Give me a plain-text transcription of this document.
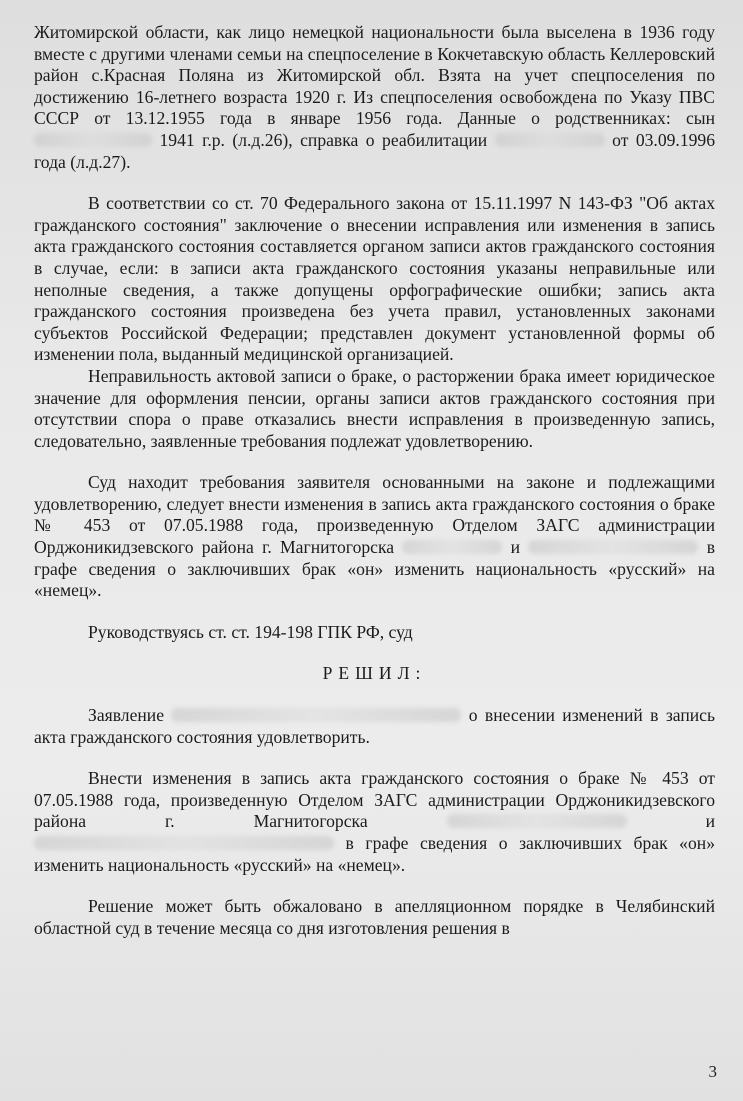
Житомирской области, как лицо немецкой национальности была выселена в 1936 году вместе с другими членами семьи на спецпоселение в Кокчетавскую область Келлеровский район с.Красная Поляна из Житомирской обл. Взята на учет спецпоселения по достижению 16-летнего возраста 1920 г. Из спецпоселения освобождена по Указу ПВС СССР от 13.12.1955 года в январе 1956 года. Данные о родственниках: сын  1941 г.р. (л.д.26), справка о реабилитации	от 03.09.1996 года (л.д.27).

В соответствии со ст. 70 Федерального закона от 15.11.1997 N 143-ФЗ "Об актах гражданского состояния" заключение о внесении исправления или изменения в запись акта гражданского состояния составляется органом записи актов гражданского состояния в случае, если: в записи акта гражданского состояния указаны неправильные или неполные сведения, а также допущены орфографические ошибки; запись акта гражданского состояния произведена без учета правил, установленных законами субъектов Российской Федерации; представлен документ установленной формы об изменении пола, выданный медицинской организацией.

Неправильность актовой записи о браке, о расторжении брака имеет юридическое значение для оформления пенсии, органы записи актов гражданского состояния при отсутствии спора о праве отказались внести исправления в произведенную запись, следовательно, заявленные требования подлежат удовлетворению.

Суд находит требования заявителя основанными на законе и подлежащими удовлетворению, следует внести изменения в запись акта гражданского состояния о браке № 453 от 07.05.1988 года, произведенную Отделом ЗАГС администрации Орджоникидзевского района г. Магнитогорска	и	в графе сведения о заключивших брак «он» изменить национальность «русский» на «немец».

Руководствуясь ст. ст. 194-198 ГПК РФ, суд

РЕШИЛ:

Заявление	о внесении изменений в запись акта гражданского состояния удовлетворить.

Внести изменения в запись акта гражданского состояния о браке № 453 от 07.05.1988 года, произведенную Отделом ЗАГС администрации Орджоникидзевского района г. Магнитогорска	и  в графе сведения о заключивших брак «он» изменить национальность «русский» на «немец».

Решение может быть обжаловано в апелляционном порядке в Челябинский областной суд в течение месяца со дня изготовления решения в

3
